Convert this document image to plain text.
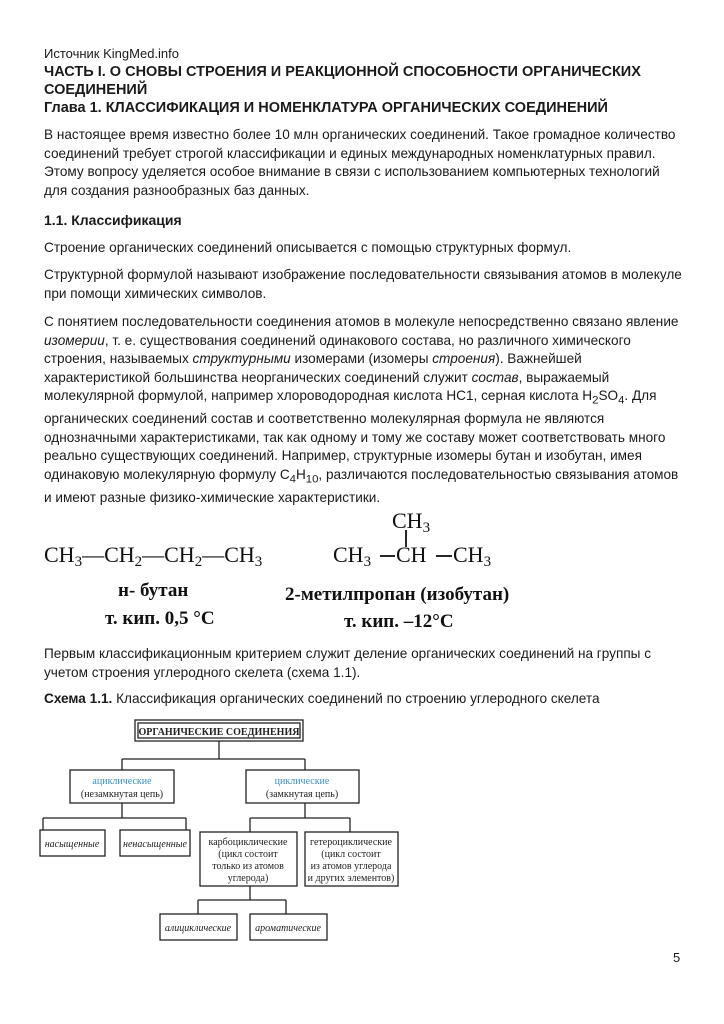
Источник KingMed.info
ЧАСТЬ I. О СНОВЫ СТРОЕНИЯ И РЕАКЦИОННОЙ СПОСОБНОСТИ ОРГАНИЧЕСКИХ СОЕДИНЕНИЙ
Глава 1. КЛАССИФИКАЦИЯ И НОМЕНКЛАТУРА ОРГАНИЧЕСКИХ СОЕДИНЕНИЙ

В настоящее время известно более 10 млн органических соединений. Такое громадное количество соединений требует строгой классификации и единых международных номенклатурных правил. Этому вопросу уделяется особое внимание в связи с использованием компьютерных технологий для создания разнообразных баз данных.

1.1. Классификация

Строение органических соединений описывается с помощью структурных формул.

Структурной формулой называют изображение последовательности связывания атомов в молекуле при помощи химических символов.

С понятием последовательности соединения атомов в молекуле непосредственно связано явление изомерии, т. е. существования соединений одинакового состава, но различного химического строения, называемых структурными изомерами (изомеры строения). Важнейшей характеристикой большинства неорганических соединений служит состав, выражаемый молекулярной формулой, например хлороводородная кислота НС1, серная кислота $H_2SO_4$. Для органических соединений состав и соответственно молекулярная формула не являются однозначными характеристиками, так как одному и тому же составу может соответствовать много реально существующих соединений. Например, структурные изомеры бутан и изобутан, имея одинаковую молекулярную формулу $C_4H_{10}$, различаются последовательностью связывания атомов и имеют разные физико-химические характеристики.

$CH_3—CH_2—CH_2—CH_3$
н- бутан
т. кип. 0,5 °C
$CH_3$
$CH_3$ CH $CH_3$
2-метилпропан (изобутан)
т. кип. –12°C

Первым классификационным критерием служит деление органических соединений на группы с учетом строения углеродного скелета (схема 1.1).

Схема 1.1. Классификация органических соединений по строению углеродного скелета
ОРГАНИЧЕСКИЕ СОЕДИНЕНИЯ
ациклические
(незамкнутая цепь)
циклические
(замкнутая цепь)
насыщенные ненасыщенные карбоциклические
(цикл состоит
только из атомов
углерода)
гетероциклические
(цикл состоит
из атомов углерода
и других элементов)
алициклические ароматические
5
